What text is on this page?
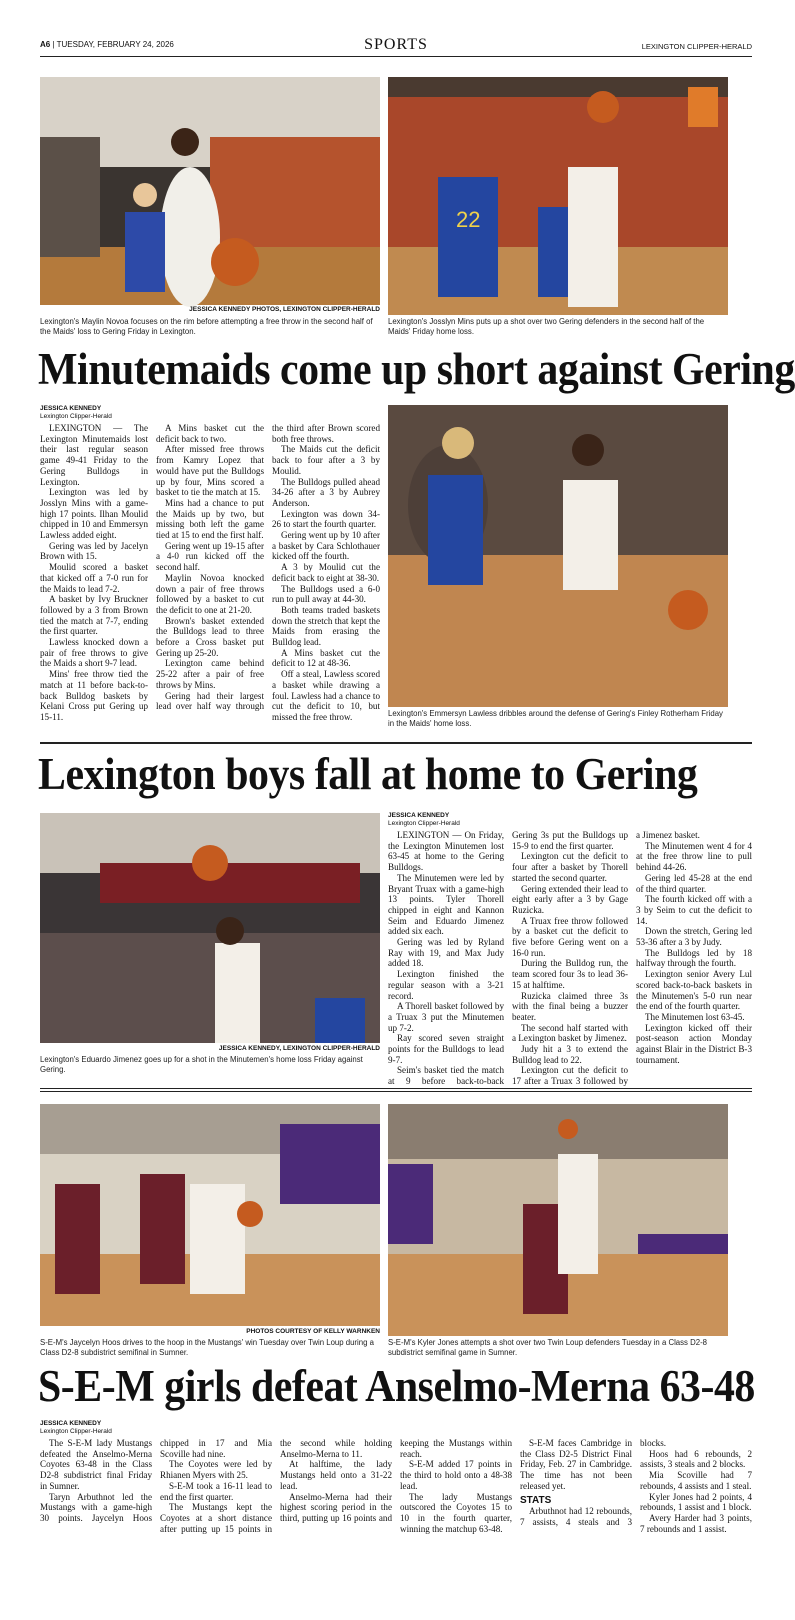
A6 | TUESDAY, FEBRUARY 24, 2026	SPORTS	LEXINGTON CLIPPER-HERALD
JESSICA KENNEDY PHOTOS, LEXINGTON CLIPPER-HERALD
Lexington's Maylin Novoa focuses on the rim before attempting a free throw in the second half of the Maids' loss to Gering Friday in Lexington.
22
Lexington's Josslyn Mins puts up a shot over two Gering defenders in the second half of the Maids' Friday home loss.
Minutemaids come up short against Gering
JESSICA KENNEDY
Lexington Clipper-Herald

LEXINGTON — The Lexington Minutemaids lost their last regular season game 49-41 Friday to the Gering Bulldogs in Lexington.

Lexington was led by Josslyn Mins with a game-high 17 points. Ilhan Moulid chipped in 10 and Emmersyn Lawless added eight.

Gering was led by Jacelyn Brown with 15.

Moulid scored a basket that kicked off a 7-0 run for the Maids to lead 7-2.

A basket by Ivy Bruckner followed by a 3 from Brown tied the match at 7-7, ending the first quarter.

Lawless knocked down a pair of free throws to give the Maids a short 9-7 lead.

Mins' free throw tied the match at 11 before back-to-back Bulldog baskets by Kelani Cross put Gering up 15-11.

A Mins basket cut the deficit back to two.

After missed free throws from Kamry Lopez that would have put the Bulldogs up by four, Mins scored a basket to tie the match at 15.

Mins had a chance to put the Maids up by two, but missing both left the game tied at 15 to end the first half.

Gering went up 19-15 after a 4-0 run kicked off the second half.

Maylin Novoa knocked down a pair of free throws followed by a basket to cut the deficit to one at 21-20.

Brown's basket extended the Bulldogs lead to three before a Cross basket put Gering up 25-20.

Lexington came behind 25-22 after a pair of free throws by Mins.

Gering had their largest lead over half way through the third after Brown scored both free throws.

The Maids cut the deficit back to four after a 3 by Moulid.

The Bulldogs pulled ahead 34-26 after a 3 by Aubrey Anderson.

Lexington was down 34-26 to start the fourth quarter.

Gering went up by 10 after a basket by Cara Schlothauer kicked off the fourth.

A 3 by Moulid cut the deficit back to eight at 38-30.

The Bulldogs used a 6-0 run to pull away at 44-30.

Both teams traded baskets down the stretch that kept the Maids from erasing the Bulldog lead.

A Mins basket cut the deficit to 12 at 48-36.

Off a steal, Lawless scored a basket while drawing a foul. Lawless had a chance to cut the deficit to 10, but missed the free throw.	Lexington's Emmersyn Lawless dribbles around the defense of Gering's Finley Rotherham Friday in the Maids' home loss.
Lexington boys fall at home to Gering
JESSICA KENNEDY, LEXINGTON CLIPPER-HERALD
Lexington's Eduardo Jimenez goes up for a shot in the Minutemen's home loss Friday against Gering.
JESSICA KENNEDY
Lexington Clipper-Herald

LEXINGTON — On Friday, the Lexington Minutemen lost 63-45 at home to the Gering Bulldogs.

The Minutemen were led by Bryant Truax with a game-high 13 points. Tyler Thorell chipped in eight and Kannon Seim and Eduardo Jimenez added six each.

Gering was led by Ryland Ray with 19, and Max Judy added 18.

Lexington finished the regular season with a 3-21 record.

A Thorell basket followed by a Truax 3 put the Minutemen up 7-2.

Ray scored seven straight points for the Bulldogs to lead 9-7.

Seim's basket tied the match at 9 before back-to-back Gering 3s put the Bulldogs up 15-9 to end the first quarter.

Lexington cut the deficit to four after a basket by Thorell started the second quarter.

Gering extended their lead to eight early after a 3 by Gage Ruzicka.

A Truax free throw followed by a basket cut the deficit to five before Gering went on a 16-0 run.

During the Bulldog run, the team scored four 3s to lead 36-15 at halftime.

Ruzicka claimed three 3s with the final being a buzzer beater.

The second half started with a Lexington basket by Jimenez.

Judy hit a 3 to extend the Bulldog lead to 22.

Lexington cut the deficit to 17 after a Truax 3 followed by a Jimenez basket.

The Minutemen went 4 for 4 at the free throw line to pull behind 44-26.

Gering led 45-28 at the end of the third quarter.

The fourth kicked off with a 3 by Seim to cut the deficit to 14.

Down the stretch, Gering led 53-36 after a 3 by Judy.

The Bulldogs led by 18 halfway through the fourth.

Lexington senior Avery Lul scored back-to-back baskets in the Minutemen's 5-0 run near the end of the fourth quarter.

The Minutemen lost 63-45.

Lexington kicked off their post-season action Monday against Blair in the District B-3 tournament.

PHOTOS COURTESY OF KELLY WARNKEN
S-E-M's Jaycelyn Hoos drives to the hoop in the Mustangs' win Tuesday over Twin Loup during a Class D2-8 subdistrict semifinal in Sumner.
S-E-M's Kyler Jones attempts a shot over two Twin Loup defenders Tuesday in a Class D2-8 subdistrict semifinal game in Sumner.
S-E-M girls defeat Anselmo-Merna 63-48
JESSICA KENNEDY
Lexington Clipper-Herald

The S-E-M lady Mustangs defeated the Anselmo-Merna Coyotes 63-48 in the Class D2-8 subdistrict final Friday in Sumner.

Taryn Arbuthnot led the Mustangs with a game-high 30 points. Jaycelyn Hoos chipped in 17 and Mia Scoville had nine.

The Coyotes were led by Rhianen Myers with 25.

S-E-M took a 16-11 lead to end the first quarter.

The Mustangs kept the Coyotes at a short distance after putting up 15 points in the second while holding Anselmo-Merna to 11.

At halftime, the lady Mustangs held onto a 31-22 lead.

Anselmo-Merna had their highest scoring period in the third, putting up 16 points and keeping the Mustangs within reach.

S-E-M added 17 points in the third to hold onto a 48-38 lead.

The lady Mustangs outscored the Coyotes 15 to 10 in the fourth quarter, winning the matchup 63-48.

S-E-M faces Cambridge in the Class D2-5 District Final Friday, Feb. 27 in Cambridge. The time has not been released yet.

STATS

Arbuthnot had 12 rebounds, 7 assists, 4 steals and 3 blocks.

Hoos had 6 rebounds, 2 assists, 3 steals and 2 blocks.

Mia Scoville had 7 rebounds, 4 assists and 1 steal.

Kyler Jones had 2 points, 4 rebounds, 1 assist and 1 block.

Avery Harder had 3 points, 7 rebounds and 1 assist.
